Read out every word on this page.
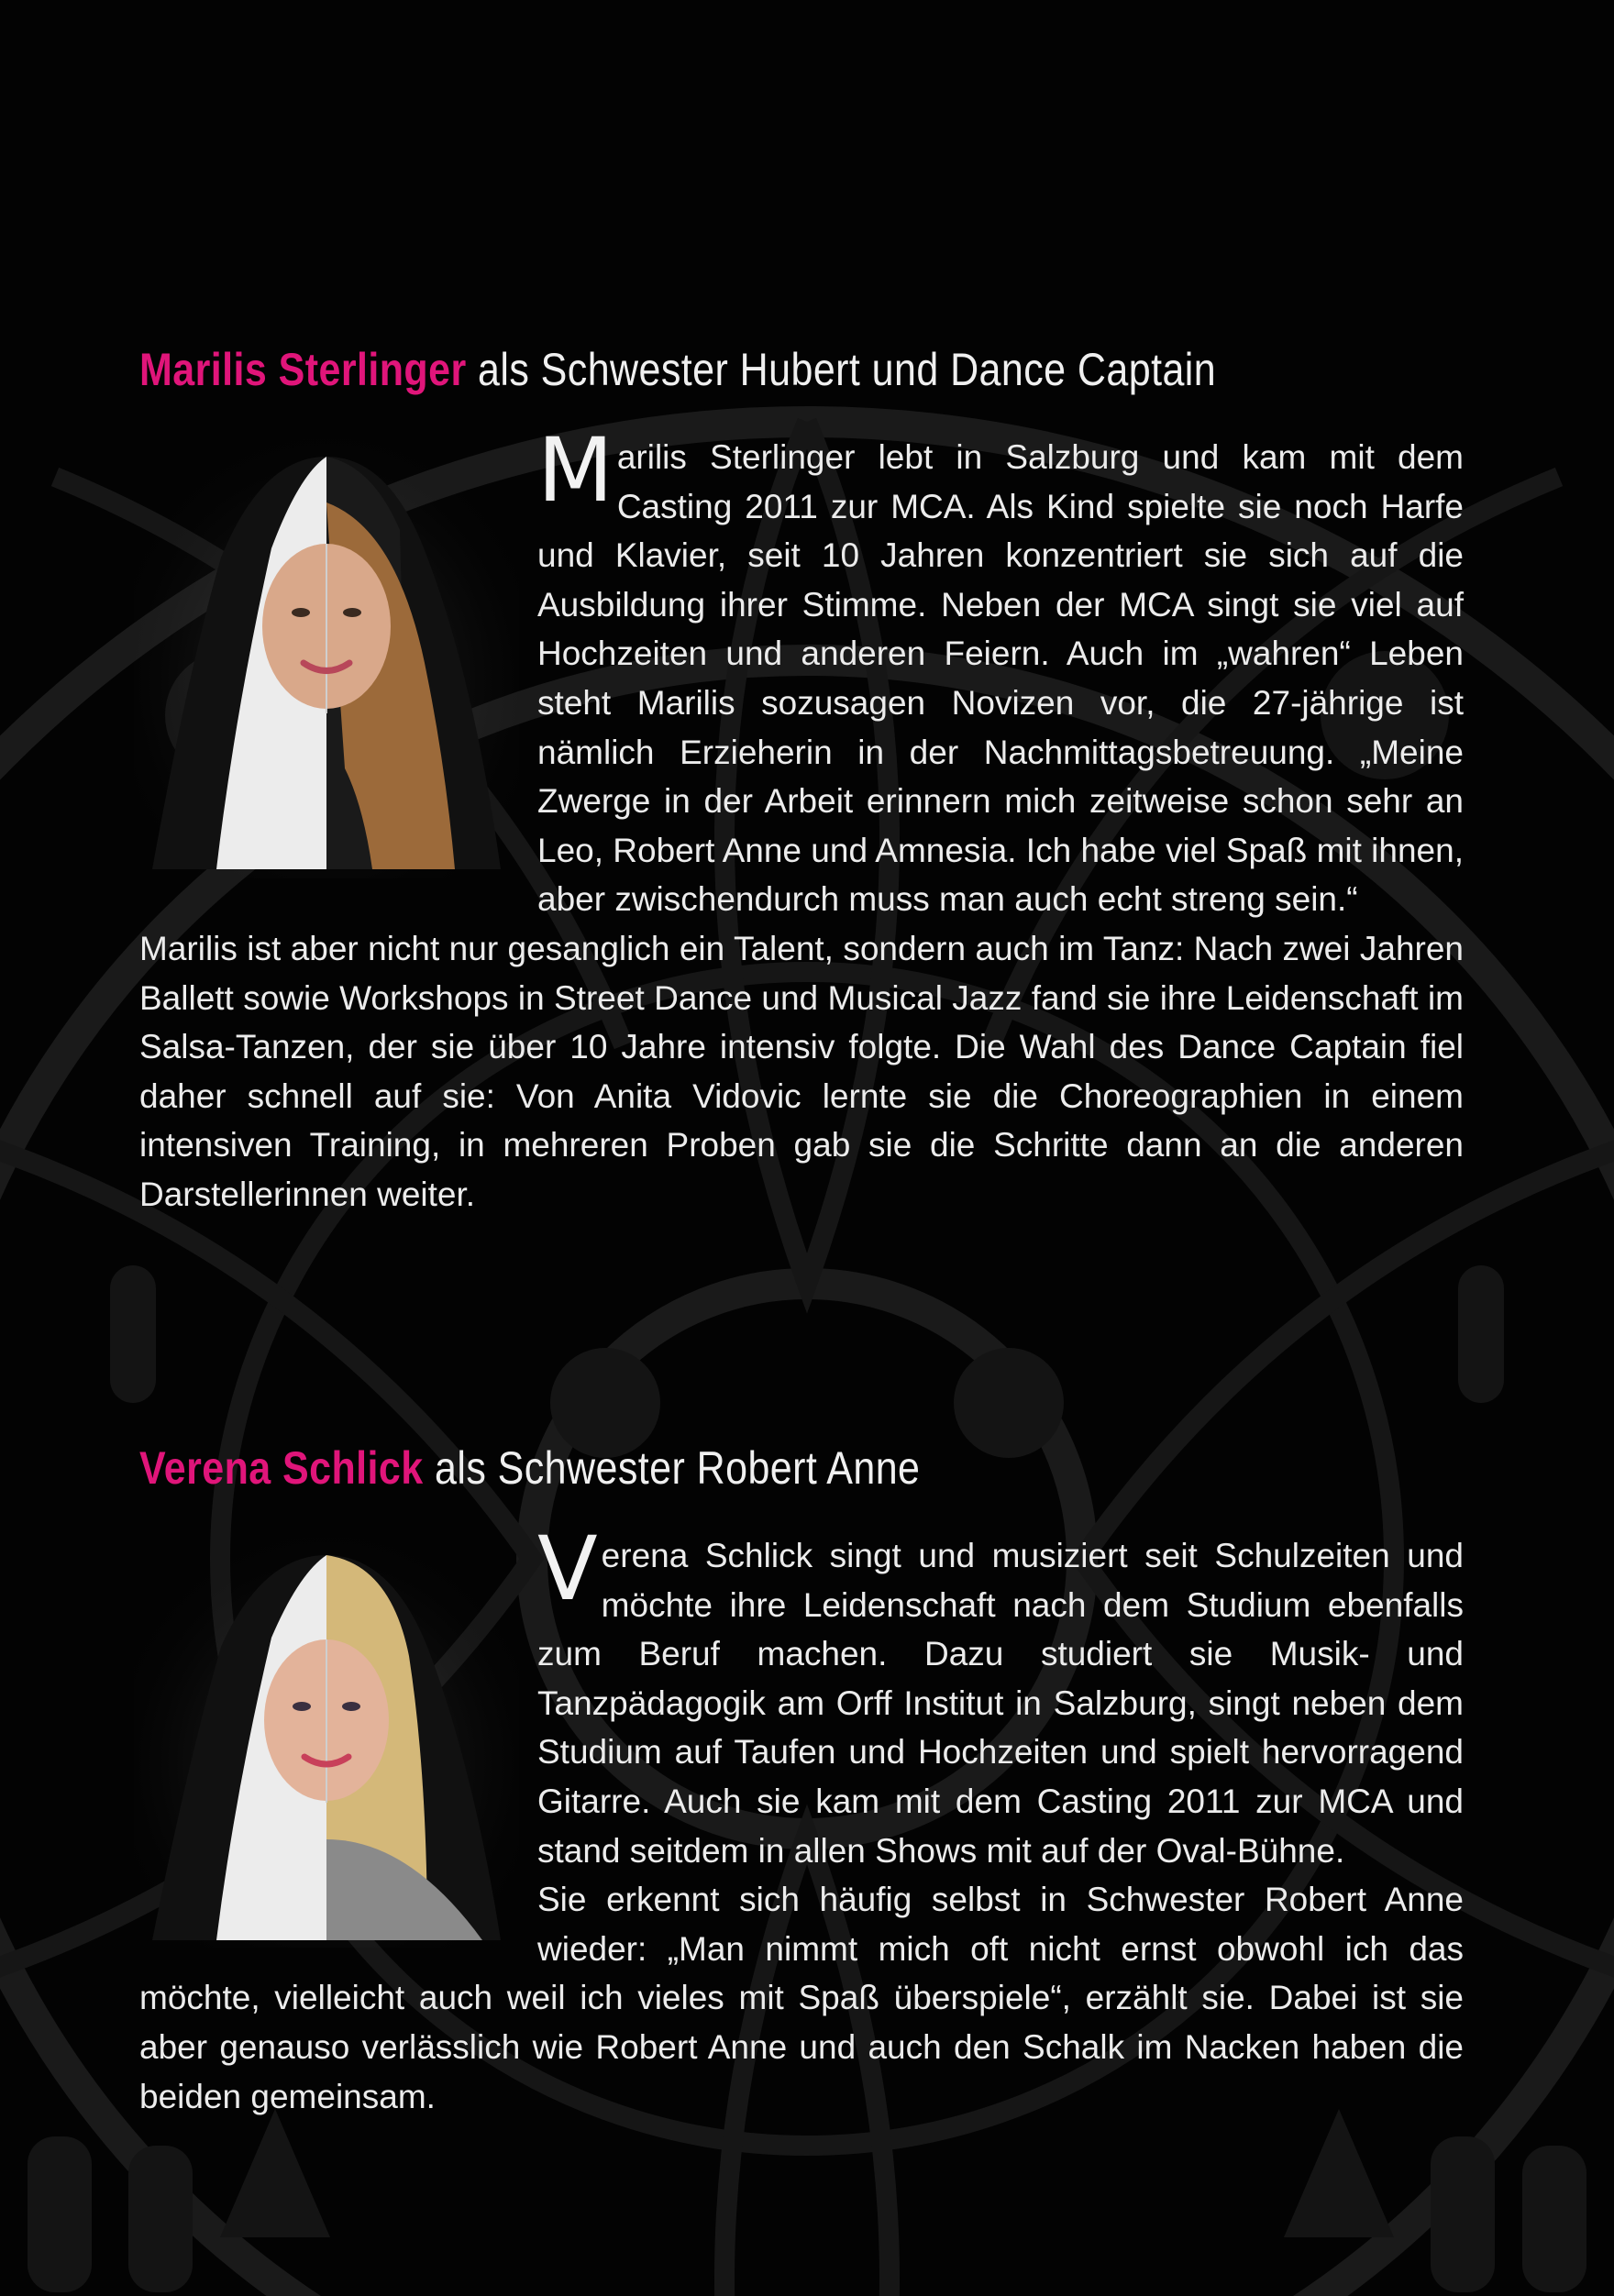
Marilis Sterlinger als Schwester Hubert und Dance Captain

Marilis Sterlinger lebt in Salzburg und kam mit dem Casting 2011 zur MCA. Als Kind spielte sie noch Harfe und Klavier, seit 10 Jahren konzentriert sie sich auf die Ausbildung ihrer Stimme. Neben der MCA singt sie viel auf Hochzeiten und anderen Feiern. Auch im „wahren“ Leben steht Marilis sozusagen Novizen vor, die 27-jährige ist nämlich Erzieherin in der Nachmittagsbetreuung. „Meine Zwerge in der Arbeit erinnern mich zeitweise schon sehr an Leo, Robert Anne und Amnesia. Ich habe viel Spaß mit ihnen, aber zwischendurch muss man auch echt streng sein.“

Marilis ist aber nicht nur gesanglich ein Talent, sondern auch im Tanz: Nach zwei Jahren Ballett sowie Workshops in Street Dance und Musical Jazz fand sie ihre Leidenschaft im Salsa-Tanzen, der sie über 10 Jahre intensiv folgte. Die Wahl des Dance Captain fiel daher schnell auf sie: Von Anita Vidovic lernte sie die Choreographien in einem intensiven Training, in mehreren Proben gab sie die Schritte dann an die anderen Darstellerinnen weiter.

Verena Schlick als Schwester Robert Anne

Verena Schlick singt und musiziert seit Schulzeiten und möchte ihre Leidenschaft nach dem Studium ebenfalls zum Beruf machen. Dazu studiert sie Musik- und Tanzpädagogik am Orff Institut in Salzburg, singt neben dem Studium auf Taufen und Hochzeiten und spielt hervorragend Gitarre. Auch sie kam mit dem Casting 2011 zur MCA und stand seitdem in allen Shows mit auf der Oval-Bühne.

Sie erkennt sich häufig selbst in Schwester Robert Anne wieder: „Man nimmt mich oft nicht ernst obwohl ich das möchte, vielleicht auch weil ich vieles mit Spaß überspiele“, erzählt sie. Dabei ist sie aber genauso verlässlich wie Robert Anne und auch den Schalk im Nacken haben die beiden gemeinsam.
